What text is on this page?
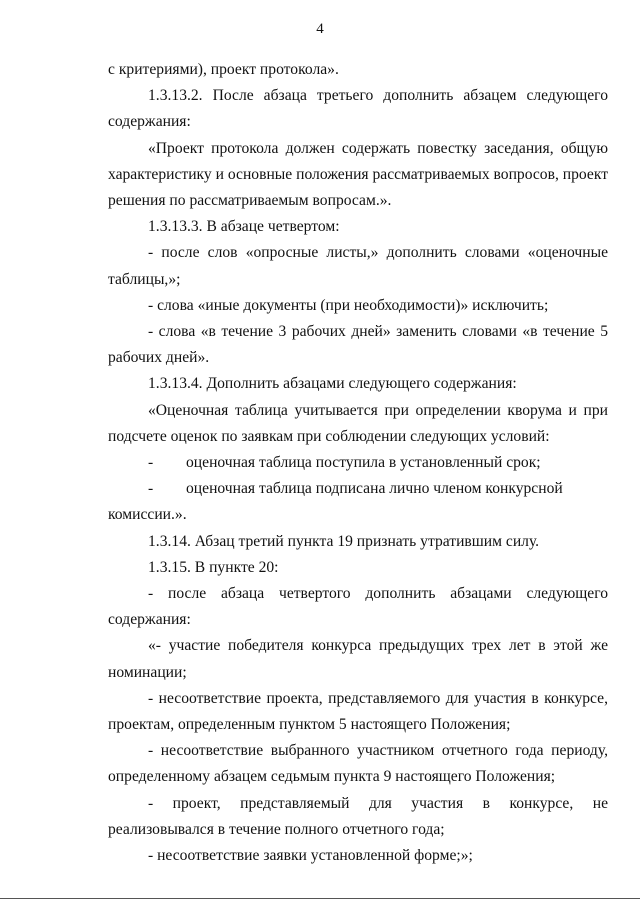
4

с критериями), проект протокола».

1.3.13.2. После абзаца третьего дополнить абзацем следующего содержания:

«Проект протокола должен содержать повестку заседания, общую характеристику и основные положения рассматриваемых вопросов, проект решения по рассматриваемым вопросам.».

1.3.13.3. В абзаце четвертом:

- после слов «опросные листы,» дополнить словами «оценочные таблицы,»;

- слова «иные документы (при необходимости)» исключить;

- слова «в течение 3 рабочих дней» заменить словами «в течение 5 рабочих дней».

1.3.13.4. Дополнить абзацами следующего содержания:

«Оценочная таблица учитывается при определении кворума и при подсчете оценок по заявкам при соблюдении следующих условий:

-	оценочная таблица поступила в установленный срок;
-	оценочная таблица подписана лично членом конкурсной

комиссии.».

1.3.14. Абзац третий пункта 19 признать утратившим силу.

1.3.15. В пункте 20:

- после абзаца четвертого дополнить абзацами следующего содержания:

«- участие победителя конкурса предыдущих трех лет в этой же номинации;

- несоответствие проекта, представляемого для участия в конкурсе, проектам, определенным пунктом 5 настоящего Положения;

- несоответствие выбранного участником отчетного года периоду, определенному абзацем седьмым пункта 9 настоящего Положения;

- проект, представляемый для участия в конкурсе, не реализовывался в течение полного отчетного года;

- несоответствие заявки установленной форме;»;
